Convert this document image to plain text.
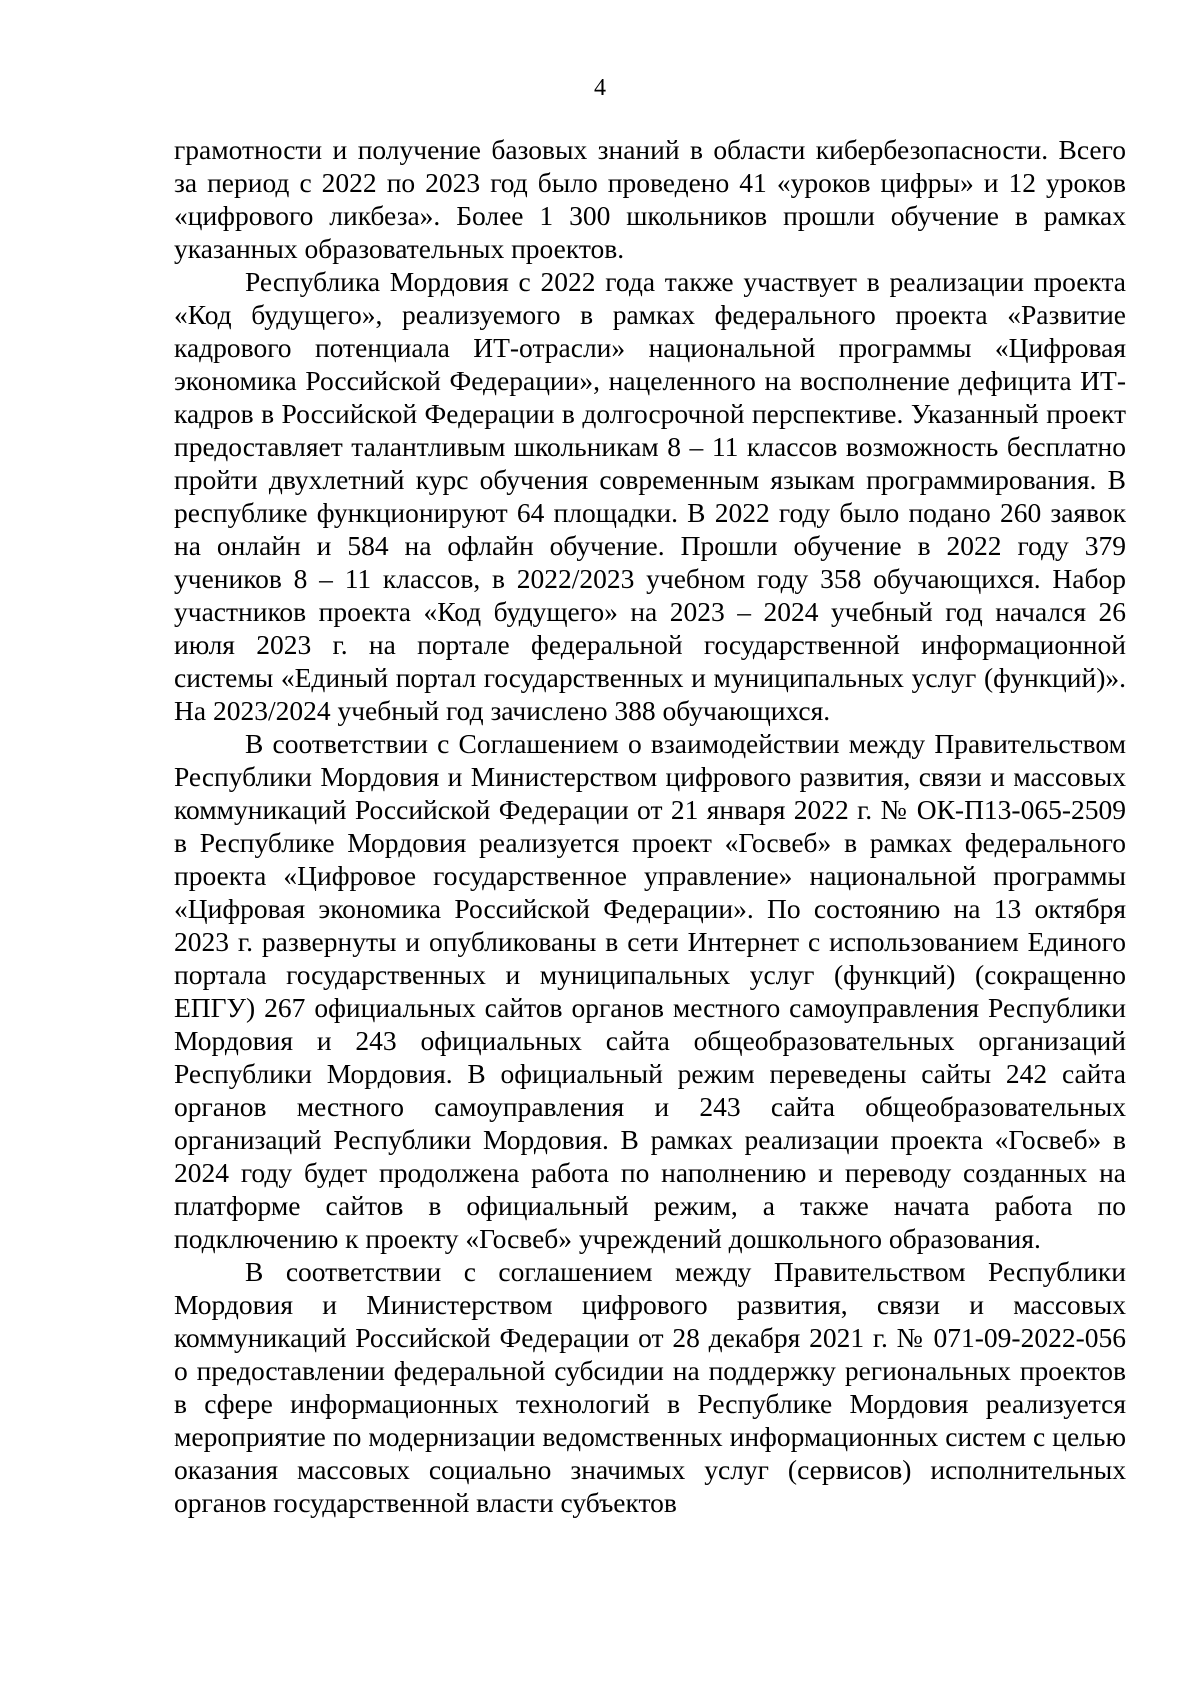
4

грамотности и получение базовых знаний в области кибербезопасности. Всего за период с 2022 по 2023 год было проведено 41 «уроков цифры» и 12 уроков «цифрового ликбеза». Более 1 300 школьников прошли обучение в рамках указанных образовательных проектов.

Республика Мордовия с 2022 года также участвует в реализации проекта «Код будущего», реализуемого в рамках федерального проекта «Развитие кадрового потенциала ИТ-отрасли» национальной программы «Цифровая экономика Российской Федерации», нацеленного на восполнение дефицита ИТ-кадров в Российской Федерации в долгосрочной перспективе. Указанный проект предоставляет талантливым школьникам 8 – 11 классов возможность бесплатно пройти двухлетний курс обучения современным языкам программирования. В республике функционируют 64 площадки. В 2022 году было подано 260 заявок на онлайн и 584 на офлайн обучение. Прошли обучение в 2022 году 379 учеников 8 – 11 классов, в 2022/2023 учебном году 358 обучающихся. Набор участников проекта «Код будущего» на 2023 – 2024 учебный год начался 26 июля 2023 г. на портале федеральной государственной информационной системы «Единый портал государственных и муниципальных услуг (функций)». На 2023/2024 учебный год зачислено 388 обучающихся.

В соответствии с Соглашением о взаимодействии между Правительством Республики Мордовия и Министерством цифрового развития, связи и массовых коммуникаций Российской Федерации от 21 января 2022 г. № ОК-П13-065-2509 в Республике Мордовия реализуется проект «Госвеб» в рамках федерального проекта «Цифровое государственное управление» национальной программы «Цифровая экономика Российской Федерации». По состоянию на 13 октября 2023 г. развернуты и опубликованы в сети Интернет с использованием Единого портала государственных и муниципальных услуг (функций) (сокращенно ЕПГУ) 267 официальных сайтов органов местного самоуправления Республики Мордовия и 243 официальных сайта общеобразовательных организаций Республики Мордовия. В официальный режим переведены сайты 242 сайта органов местного самоуправления и 243 сайта общеобразовательных организаций Республики Мордовия. В рамках реализации проекта «Госвеб» в 2024 году будет продолжена работа по наполнению и переводу созданных на платформе сайтов в официальный режим, а также начата работа по подключению к проекту «Госвеб» учреждений дошкольного образования.

В соответствии с соглашением между Правительством Республики Мордовия и Министерством цифрового развития, связи и массовых коммуникаций Российской Федерации от 28 декабря 2021 г. № 071-09-2022-056 о предоставлении федеральной субсидии на поддержку региональных проектов в сфере информационных технологий в Республике Мордовия реализуется мероприятие по модернизации ведомственных информационных систем с целью оказания массовых социально значимых услуг (сервисов) исполнительных органов государственной власти субъектов
